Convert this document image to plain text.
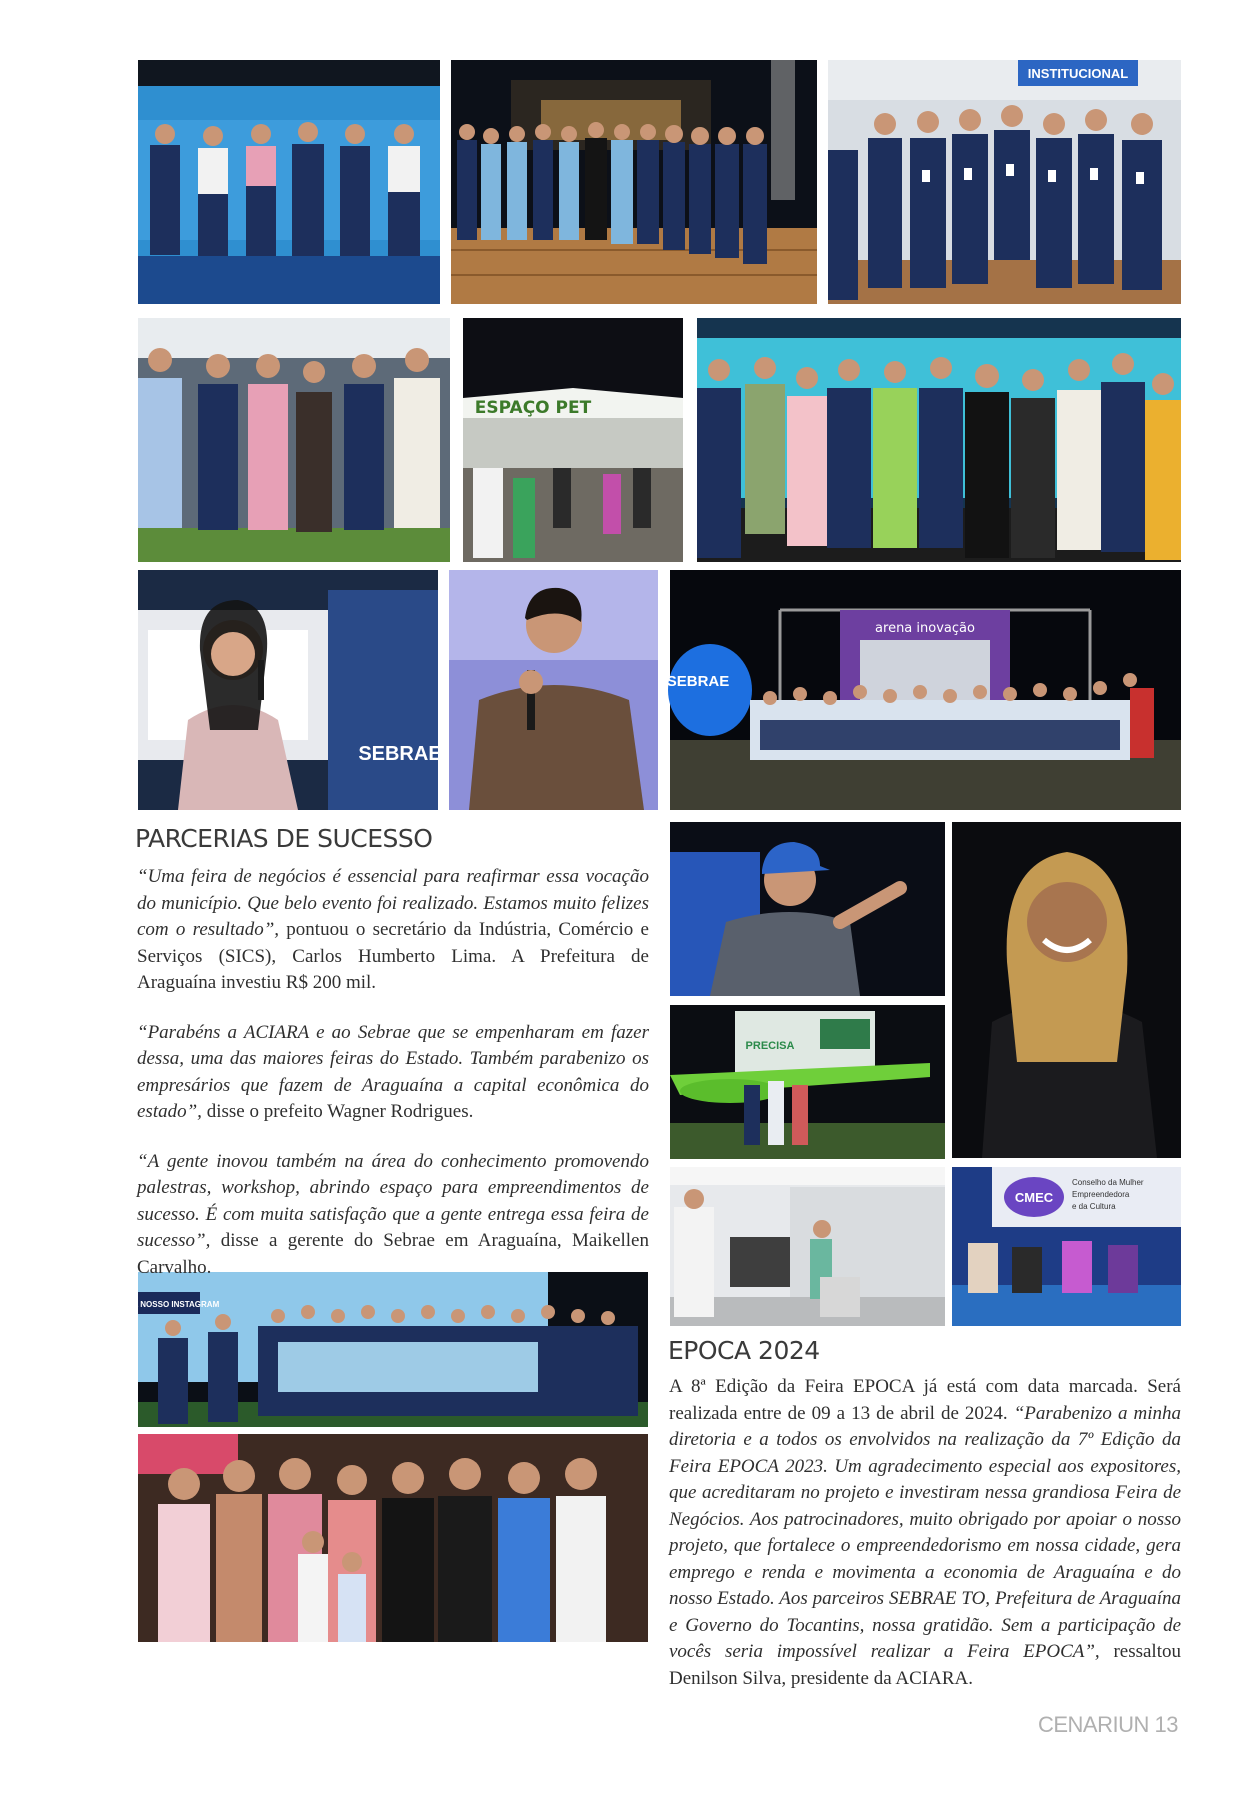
INSTITUCIONAL
ESPAÇO PET
SEBRAE
arena inovação
SEBRAE
PRECISA
CMEC
Conselho da Mulher
Empreendedora
e da Cultura
SIGA NOSSO INSTAGRAM
PARCERIAS DE SUCESSO

“Uma feira de negócios é essencial para reafirmar essa vocação do município. Que belo evento foi realizado. Estamos muito felizes com o resultado”, pontuou o secretário da Indústria, Comércio e Serviços (SICS), Carlos Humberto Lima. A Prefeitura de Araguaína investiu R$ 200 mil.

“Parabéns a ACIARA e ao Sebrae que se empenharam em fazer dessa, uma das maiores feiras do Estado. Também parabenizo os empresários que fazem de Araguaína a capital econômica do estado”, disse o prefeito Wagner Rodrigues.

“A gente inovou também na área do conhecimento promovendo palestras, workshop, abrindo espaço para empreendimentos de sucesso. É com muita satisfação que a gente entrega essa feira de sucesso”, disse a gerente do Sebrae em Araguaína, Maikellen Carvalho.

EPOCA 2024

A 8ª Edição da Feira EPOCA já está com data marcada. Será realizada entre de 09 a 13 de abril de 2024. “Parabenizo a minha diretoria e a todos os envolvidos na realização da 7º Edição da Feira EPOCA 2023. Um agradecimento especial aos expositores, que acreditaram no projeto e investiram nessa grandiosa Feira de Negócios. Aos patrocinadores, muito obrigado por apoiar o nosso projeto, que fortalece o empreendedorismo em nossa cidade, gera emprego e renda e movimenta a economia de Araguaína e do nosso Estado. Aos parceiros SEBRAE TO, Prefeitura de Araguaína e Governo do Tocantins, nossa gratidão. Sem a participação de vocês seria impossível realizar a Feira EPOCA”, ressaltou Denilson Silva, presidente da ACIARA.

CENARIUN 13
